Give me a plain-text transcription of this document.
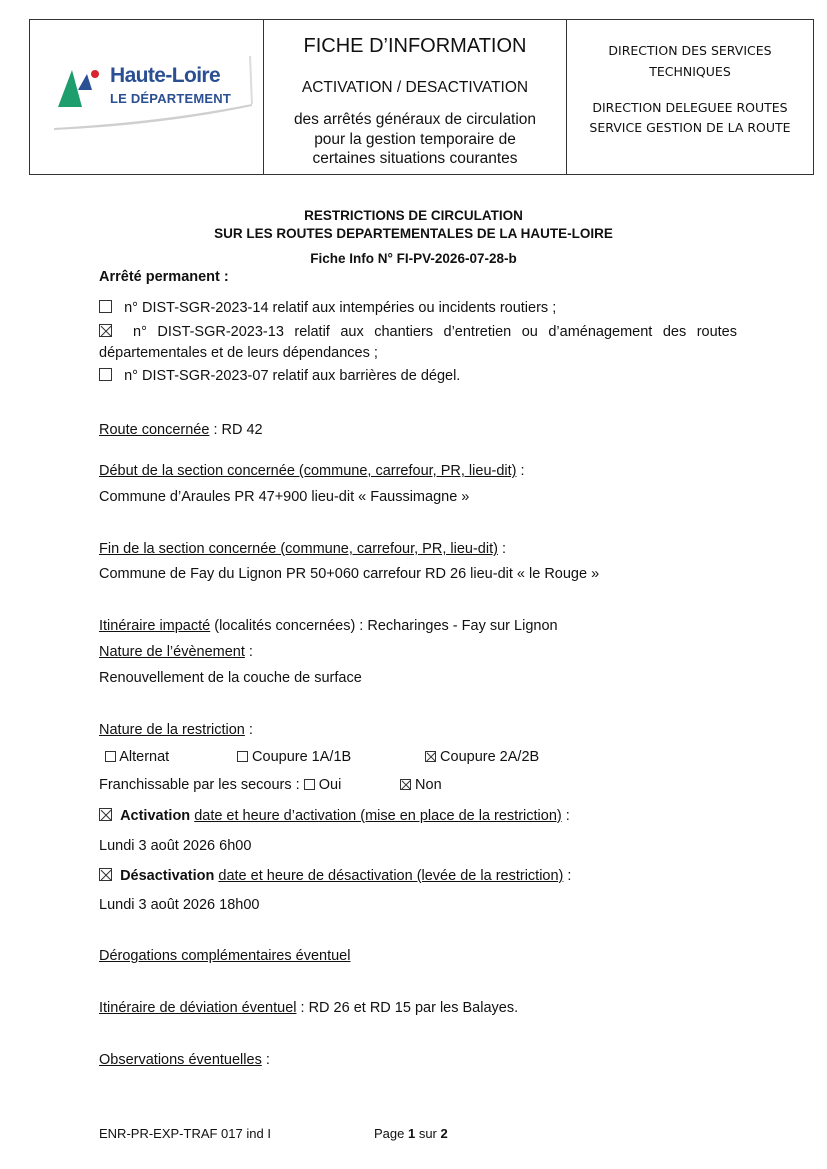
Haute-Loire
LE DÉPARTEMENT
FICHE D’INFORMATION
ACTIVATION / DESACTIVATION
des arrêtés généraux de circulation
pour la gestion temporaire de
certaines situations courantes
DIRECTION DES SERVICES
TECHNIQUES
DIRECTION DELEGUEE ROUTES
SERVICE GESTION DE LA ROUTE
RESTRICTIONS DE CIRCULATION
SUR LES ROUTES DEPARTEMENTALES DE LA HAUTE-LOIRE
Fiche Info N° FI-PV-2026-07-28-b
Arrêté permanent :
n° DIST-SGR-2023-14 relatif aux intempéries ou incidents routiers ;
n° DIST-SGR-2023-13 relatif aux chantiers d’entretien ou d’aménagement des routes
départementales et de leurs dépendances ;
n° DIST-SGR-2023-07 relatif aux barrières de dégel.
Route concernée : RD 42
Début de la section concernée (commune, carrefour, PR, lieu-dit) :
Commune d’Araules PR 47+900 lieu-dit « Faussimagne »
Fin de la section concernée (commune, carrefour, PR, lieu-dit) :
Commune de Fay du Lignon PR 50+060 carrefour RD 26 lieu-dit « le Rouge »
Itinéraire impacté (localités concernées) : Recharinges - Fay sur Lignon
Nature de l’évènement :
Renouvellement de la couche de surface
Nature de la restriction :
Alternat	Coupure 1A/1B	Coupure 2A/2B
Franchissable par les secours :  Oui	Non
Activation date et heure d’activation (mise en place de la restriction) :
Lundi 3 août 2026 6h00
Désactivation date et heure de désactivation (levée de la restriction) :
Lundi 3 août 2026 18h00
Dérogations complémentaires éventuel
Itinéraire de déviation éventuel : RD 26 et RD 15 par les Balayes.
Observations éventuelles :
ENR-PR-EXP-TRAF 017 ind I	Page 1 sur 2
